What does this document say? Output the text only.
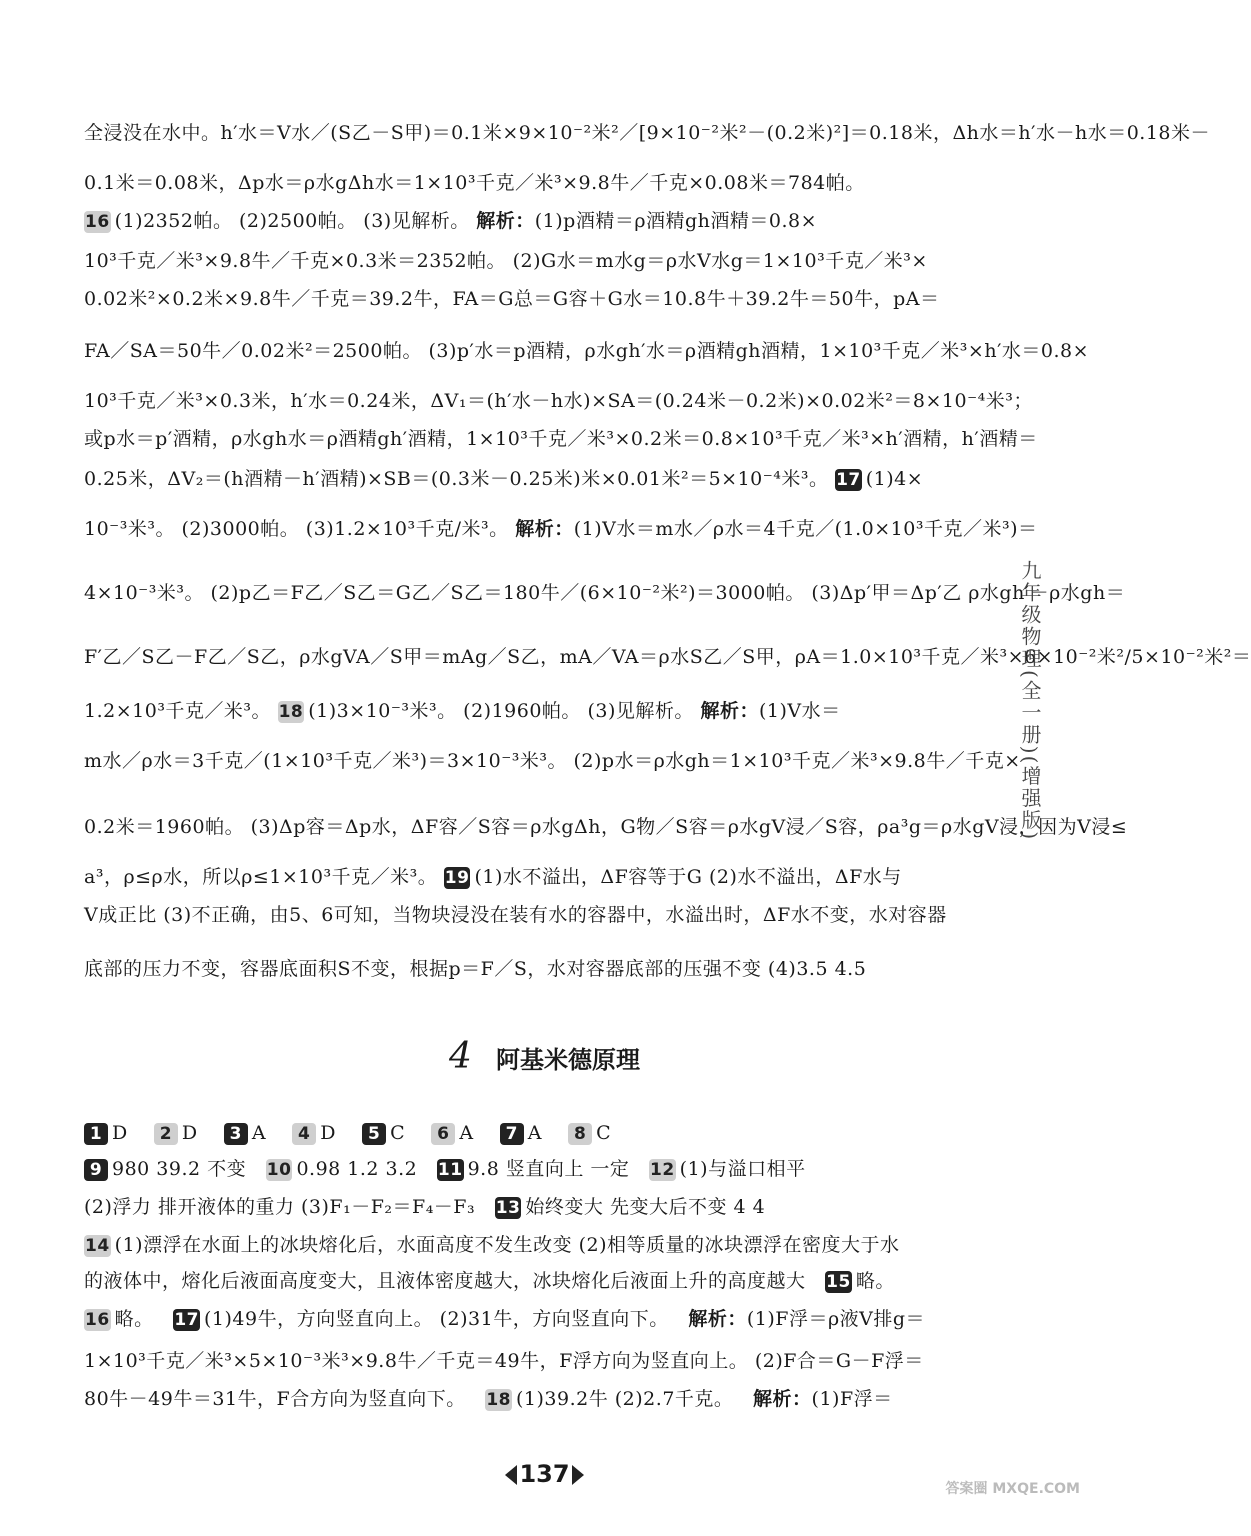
全浸没在水中。h′水＝V水／(S乙－S甲)＝0.1米×9×10⁻²米²／[9×10⁻²米²－(0.2米)²]＝0.18米，Δh水＝h′水－h水＝0.18米－
0.1米＝0.08米，Δp水＝ρ水gΔh水＝1×10³千克／米³×9.8牛／千克×0.08米＝784帕。
16 (1)2352帕。 (2)2500帕。 (3)见解析。 解析：(1)p酒精＝ρ酒精gh酒精＝0.8×
10³千克／米³×9.8牛／千克×0.3米＝2352帕。 (2)G水＝m水g＝ρ水V水g＝1×10³千克／米³×
0.02米²×0.2米×9.8牛／千克＝39.2牛，FA＝G总＝G容＋G水＝10.8牛＋39.2牛＝50牛，pA＝
FA／SA＝50牛／0.02米²＝2500帕。 (3)p′水＝p酒精，ρ水gh′水＝ρ酒精gh酒精，1×10³千克／米³×h′水＝0.8×
10³千克／米³×0.3米，h′水＝0.24米，ΔV₁＝(h′水－h水)×SA＝(0.24米－0.2米)×0.02米²＝8×10⁻⁴米³；
或p水＝p′酒精，ρ水gh水＝ρ酒精gh′酒精，1×10³千克／米³×0.2米＝0.8×10³千克／米³×h′酒精，h′酒精＝
0.25米，ΔV₂＝(h酒精－h′酒精)×SB＝(0.3米－0.25米)米×0.01米²＝5×10⁻⁴米³。 17 (1)4×
10⁻³米³。 (2)3000帕。 (3)1.2×10³千克/米³。 解析：(1)V水＝m水／ρ水＝4千克／(1.0×10³千克／米³)＝
4×10⁻³米³。 (2)p乙＝F乙／S乙＝G乙／S乙＝180牛／(6×10⁻²米²)＝3000帕。 (3)Δp′甲＝Δp′乙 ρ水gh′－ρ水gh＝
F′乙／S乙－F乙／S乙，ρ水gVA／S甲＝mAg／S乙，mA／VA＝ρ水S乙／S甲，ρA＝1.0×10³千克／米³×6×10⁻²米²/5×10⁻²米²＝
1.2×10³千克／米³。 18 (1)3×10⁻³米³。 (2)1960帕。 (3)见解析。 解析：(1)V水＝
m水／ρ水＝3千克／(1×10³千克／米³)＝3×10⁻³米³。 (2)p水＝ρ水gh＝1×10³千克／米³×9.8牛／千克×
0.2米＝1960帕。 (3)Δp容＝Δp水，ΔF容／S容＝ρ水gΔh，G物／S容＝ρ水gV浸／S容，ρa³g＝ρ水gV浸，因为V浸≤
a³，ρ≤ρ水，所以ρ≤1×10³千克／米³。 19 (1)水不溢出，ΔF容等于G (2)水不溢出，ΔF水与
V成正比 (3)不正确，由5、6可知，当物块浸没在装有水的容器中，水溢出时，ΔF水不变，水对容器
底部的压力不变，容器底面积S不变，根据p＝F／S，水对容器底部的压强不变 (4)3.5 4.5
4 阿基米德原理
1 D 2 D 3 A 4 D 5 C 6 A 7 A 8 C
9 980 39.2 不变 10 0.98 1.2 3.2 11 9.8 竖直向上 一定 12 (1)与溢口相平
(2)浮力 排开液体的重力 (3)F₁－F₂＝F₄－F₃ 13 始终变大 先变大后不变 4 4
14 (1)漂浮在水面上的冰块熔化后，水面高度不发生改变 (2)相等质量的冰块漂浮在密度大于水
的液体中，熔化后液面高度变大，且液体密度越大，冰块熔化后液面上升的高度越大 15 略。
16 略。 17 (1)49牛，方向竖直向上。 (2)31牛，方向竖直向下。 解析：(1)F浮＝ρ液V排g＝
1×10³千克／米³×5×10⁻³米³×9.8牛／千克＝49牛，F浮方向为竖直向上。 (2)F合＝G－F浮＝
80牛－49牛＝31牛，F合方向为竖直向下。 18 (1)39.2牛 (2)2.7千克。 解析：(1)F浮＝
九年级物理(全一册)(增强版)
137
答案圈 MXQE.COM
